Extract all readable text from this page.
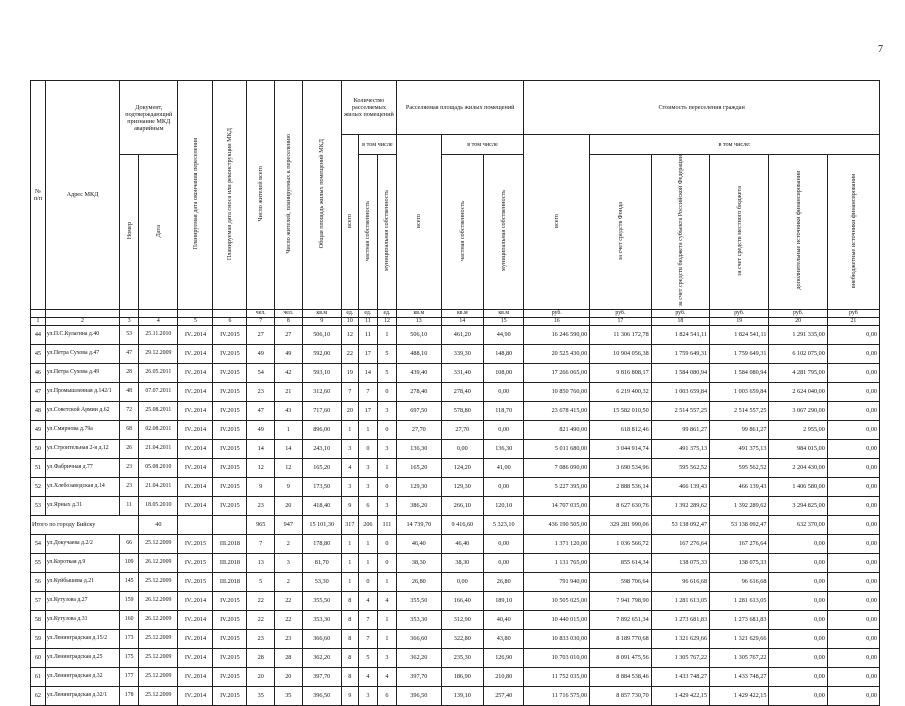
7
№ п/п	Адрес МКД	Документ, подтверждающий признание МКД аварийным		Планируемая дата окончания переселения	Планируемая дата сноса или реконструкции МКД	Число жителей всего	Число жителей, планируемых к переселению	Общая площадь жилых помещений МКД	Количество расселяемых жилых помещений			Расселяемая площадь жилых помещений			Стоимость переселения граждан					
									всего	в том числе		всего	в том числе		всего	в том числе:				
		Номер	Дата							частная собственность	муниципальная собственность		частная собственность	муниципальная собственность		за счет средств Фонда	за счет средств бюджета субъекта Российской Федерации	за счет средств местного бюджета	дополнительные источники финансирования	внебюджетные источники финансирования
						чел.	чел.	кв.м	ед.	ед.	ед.	кв.м	кв.м	кв.м	руб.	руб.	руб.	руб.	руб.	руб
1	2	3	4	5	6	7	8	9	10	11	12	13	14	15	16	17	18	19	20	21
44	ул.П.С.Кулагина д.40	53	25.11.2010	IV..2014	IV.2015	27	27	506,10	12	11	1	506,10	461,20	44,90	16 246 590,00	11 306 172,78	1 824 541,11	1 824 541,11	1 291 335,00	0,00
45	ул.Петра Сухова д.47	47	29.12.2009	IV..2014	IV.2015	49	49	592,00	22	17	5	488,10	339,30	148,80	20 525 430,00	10 904 056,38	1 759 649,31	1 759 649,31	6 102 075,00	0,00
46	ул.Петра Сухова д.49	28	26.05.2011	IV..2014	IV.2015	54	42	593,10	19	14	5	439,40	331,40	108,00	17 266 065,00	9 816 808,17	1 584 080,94	1 584 080,94	4 281 795,00	0,00
47	ул.Промышленная д.142/1	48	07.07.2011	IV..2014	IV.2015	23	21	312,60	7	7	0	278,40	278,40	0,00	10 850 760,00	6 219 400,32	1 003 659,84	1 003 659,84	2 624 040,00	0,00
48	ул.Советской Армии д.62	72	25.08.2011	IV..2014	IV.2015	47	43	717,60	20	17	3	697,50	578,80	118,70	23 678 415,00	15 582 010,50	2 514 557,25	2 514 557,25	3 067 290,00	0,00
49	ул.Смирнова д.79а	68	02.08.2011	IV..2014	IV.2015	49	1	896,00	1	1	0	27,70	27,70	0,00	821 490,00	618 812,46	99 861,27	99 861,27	2 955,00	0,00
50	ул.Строительная 2-я д.12	26	21.04.2011	IV..2014	IV.2015	14	14	243,10	3	0	3	136,30	0,00	136,30	5 011 680,00	3 044 914,74	491 375,13	491 375,13	984 015,00	0,00
51	ул.Фабричная д.77	23	05.08.2010	IV..2014	IV.2015	12	12	165,20	4	3	1	165,20	124,20	41,00	7 086 090,00	3 690 534,96	595 562,52	595 562,52	2 204 430,00	0,00
52	ул.Хлебозаводская д.14	23	21.04.2011	IV..2014	IV.2015	9	9	173,50	3	3	0	129,30	129,30	0,00	5 227 395,00	2 888 536,14	466 139,43	466 139,43	1 406 580,00	0,00
53	ул.Ярных д.31	11	18.05.2010	IV..2014	IV.2015	23	20	418,40	9	6	3	386,20	266,10	120,10	14 707 035,00	8 627 630,76	1 392 289,62	1 392 289,62	3 294 825,00	0,00
Итого по городу Бийску			40			965	947	15 101,30	317	206	111	14 739,70	9 416,60	5 323,10	436 190 505,00	329 281 990,06	53 138 092,47	53 138 092,47	632 370,00	0,00
54	ул.Докучаева д.2/2	66	25.12.2009	IV..2015	III.2018	7	2	178,80	1	1	0	46,40	46,40	0,00	1 371 120,00	1 036 566,72	167 276,64	167 276,64	0,00	0,00
55	ул.Короткая д.9	109	26.12.2009	IV..2015	III.2018	13	3	81,70	1	1	0	38,30	38,30	0,00	1 131 765,00	855 614,34	138 075,33	138 075,33	0,00	0,00
56	ул.Куйбышева д.21	145	25.12.2009	IV..2015	III.2018	5	2	53,30	1	0	1	26,80	0,00	26,80	791 940,00	598 706,64	96 616,68	96 616,68	0,00	0,00
57	ул.Кутузова д.27	159	26.12.2009	IV..2014	IV.2015	22	22	355,50	8	4	4	355,50	166,40	189,10	10 505 025,00	7 941 798,90	1 281 613,05	1 281 613,05	0,00	0,00
58	ул.Кутузова д.31	160	26.12.2009	IV..2014	IV.2015	22	22	353,30	8	7	1	353,30	312,90	40,40	10 440 015,00	7 892 651,34	1 273 681,83	1 273 681,83	0,00	0,00
59	ул.Ленинградская д.15/2	173	25.12.2009	IV..2014	IV.2015	23	23	366,60	8	7	1	366,60	322,80	43,80	10 833 030,00	8 189 770,68	1 321 629,66	1 321 629,66	0,00	0,00
60	ул.Ленинградская д.25	175	25.12.2009	IV..2014	IV.2015	28	28	362,20	8	5	3	362,20	235,30	126,90	10 703 010,00	8 091 475,56	1 305 767,22	1 305 767,22	0,00	0,00
61	ул.Ленинградская д.32	177	25.12.2009	IV..2014	IV.2015	20	20	397,70	8	4	4	397,70	186,90	210,80	11 752 035,00	8 884 538,46	1 433 748,27	1 433 748,27	0,00	0,00
62	ул.Ленинградская д.32/1	178	25.12.2009	IV..2014	IV.2015	35	35	396,50	9	3	6	396,50	139,10	257,40	11 716 575,00	8 857 730,70	1 429 422,15	1 429 422,15	0,00	0,00
